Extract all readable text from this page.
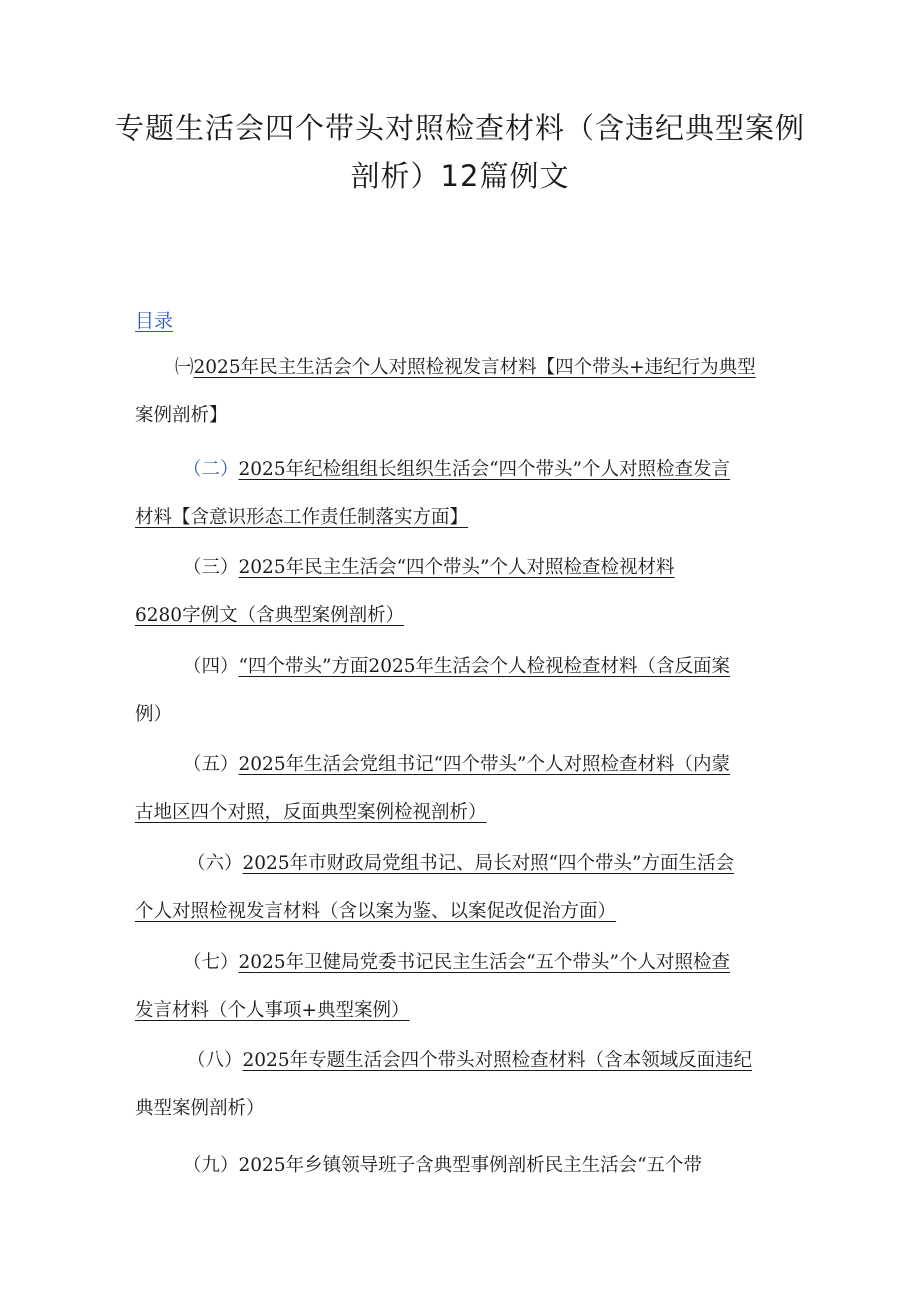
专题生活会四个带头对照检查材料（含违纪典型案例
剖析）12篇例文
目录
㈠2025年民主生活会个人对照检视发言材料【四个带头+违纪行为典型
案例剖析】
（二）2025年纪检组组长组织生活会“四个带头”个人对照检查发言
材料【含意识形态工作责任制落实方面】
（三）2025年民主生活会“四个带头”个人对照检查检视材料
6280字例文（含典型案例剖析）
（四）“四个带头”方面2025年生活会个人检视检查材料（含反面案
例）
（五）2025年生活会党组书记“四个带头”个人对照检查材料（内蒙
古地区四个对照，反面典型案例检视剖析）
（六）2025年市财政局党组书记、局长对照“四个带头”方面生活会
个人对照检视发言材料（含以案为鉴、以案促改促治方面）
（七）2025年卫健局党委书记民主生活会“五个带头”个人对照检查
发言材料（个人事项+典型案例）
（八）2025年专题生活会四个带头对照检查材料（含本领域反面违纪
典型案例剖析）
（九）2025年乡镇领导班子含典型事例剖析民主生活会“五个带
